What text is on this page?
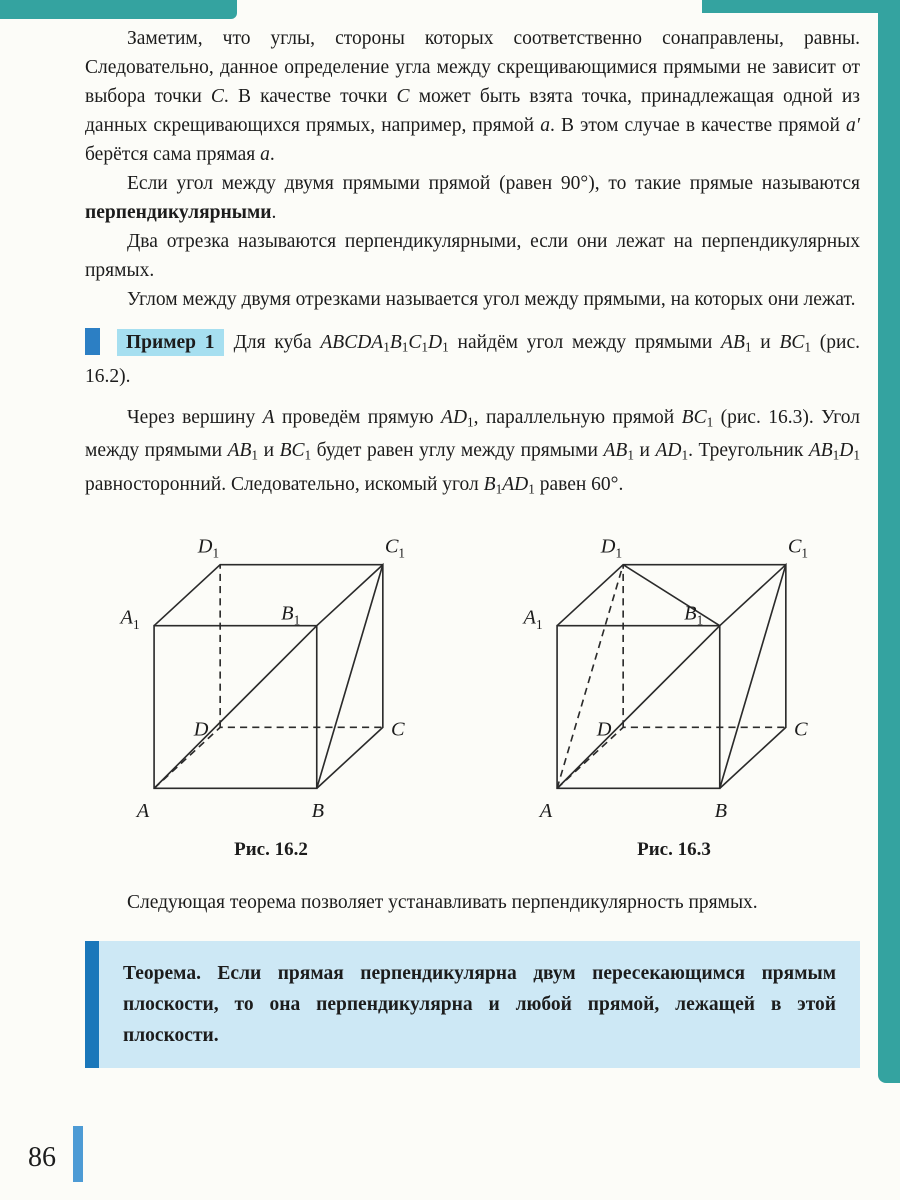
Заметим, что углы, стороны которых соответственно сонаправлены, равны. Следовательно, данное определение угла между скрещивающимися прямыми не зависит от выбора точки C. В качестве точки C может быть взята точка, принадлежащая одной из данных скрещивающихся прямых, например, прямой a. В этом случае в качестве прямой a′ берётся сама прямая a.

Если угол между двумя прямыми прямой (равен 90°), то такие прямые называются перпендикулярными.

Два отрезка называются перпендикулярными, если они лежат на перпендикулярных прямых.

Углом между двумя отрезками называется угол между прямыми, на которых они лежат.

Пример 1 Для куба $ABCDA_1B_1C_1D_1$ найдём угол между прямыми $AB_1$ и $BC_1$ (рис. 16.2).

Через вершину A проведём прямую $AD_1$, параллельную прямой $BC_1$ (рис. 16.3). Угол между прямыми $AB_1$ и $BC_1$ будет равен углу между прямыми $AB_1$ и $AD_1$. Треугольник $AB_1D_1$ равносторонний. Следовательно, искомый угол $B_1AD_1$ равен 60°.

A	B
C
D
$A_1$	$B_1$
$C_1$
$D_1$

Рис. 16.2

A	B
C
D
$A_1$	$B_1$
$C_1$
$D_1$

Рис. 16.3

Следующая теорема позволяет устанавливать перпендикулярность прямых.

Теорема. Если прямая перпендикулярна двум пересекающимся прямым плоскости, то она перпендикулярна и любой прямой, лежащей в этой плоскости.
86
